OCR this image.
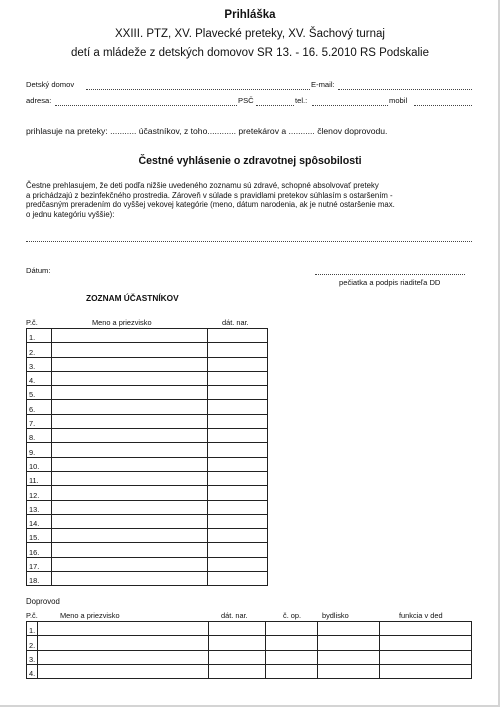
Prihláška
XXIII. PTZ, XV. Plavecké preteky, XV. Šachový turnaj
detí a mládeže z detských domovov SR 13. - 16. 5.2010 RS Podskalie
Detský domov	E-mail:
adresa:	PSČ	tel.:	mobil
prihlasuje na preteky: ........... účastníkov, z toho............ pretekárov a ........... členov doprovodu.
Čestné vyhlásenie o zdravotnej spôsobilosti
Čestne prehlasujem, že deti podľa nižšie uvedeného zoznamu sú zdravé, schopné absolvovať preteky
a prichádzajú z bezinfekčného prostredia. Zároveň v súlade s pravidlami pretekov súhlasím s ostaršením -
predčasným preradením do vyššej vekovej kategórie (meno, dátum narodenia, ak je nutné ostaršenie max.
o jednu kategóriu vyššie):
Dátum:
pečiatka a podpis riaditeľa DD
ZOZNAM ÚČASTNÍKOV
P.č.	Meno a priezvisko	dát. nar.
1.		
2.		
3.		
4.		
5.		
6.		
7.		
8.		
9.		
10.		
11.		
12.		
13.		
14.		
15.		
16.		
17.		
18.		
Doprovod
P.č.	Meno a priezvisko	dát. nar.	č. op.	bydlisko	funkcia v ded
1.					
2.					
3.					
4.					
